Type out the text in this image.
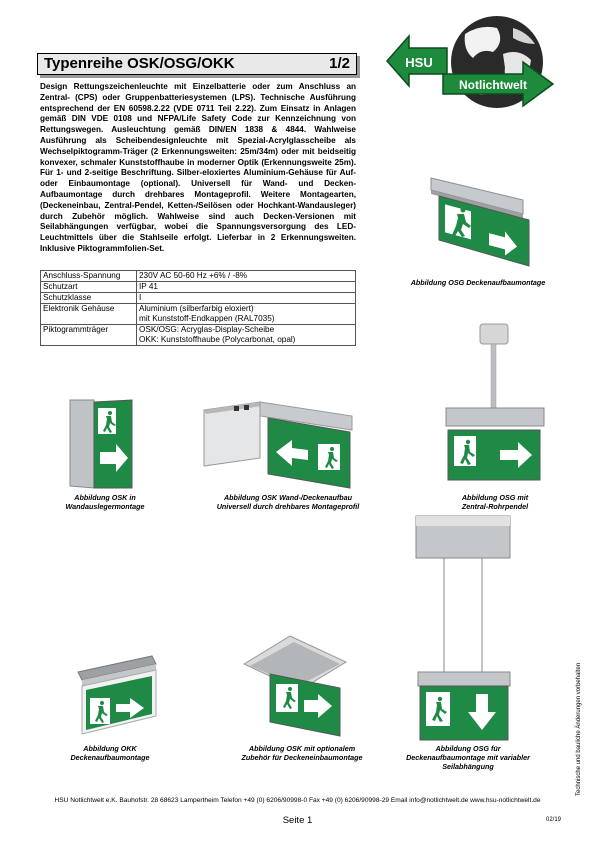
Typenreihe OSK/OSG/OKK	1/2	HSU
Notlichtwelt
Design Rettungszeichenleuchte mit Einzelbatterie oder zum Anschluss an Zentral- (CPS) oder Gruppenbatteriesystemen (LPS). Technische Ausführung entsprechend der EN 60598.2.22 (VDE 0711 Teil 2.22). Zum Einsatz in Anlagen gemäß DIN VDE 0108 und NFPA/Life Safety Code zur Kennzeichnung von Rettungswegen. Ausleuchtung gemäß DIN/EN 1838 & 4844. Wahlweise Ausführung als Scheibendesignleuchte mit Spezial-Acrylglasscheibe als Wechselpiktogramm-Träger (2 Erkennungsweiten: 25m/34m) oder mit beidseitig konvexer, schmaler Kunststoffhaube in moderner Optik (Erkennungsweite 25m). Für 1- und 2-seitige Beschriftung. Silber-eloxiertes Aluminium-Gehäuse für Auf- oder Einbaumontage (optional). Universell für Wand- und Decken-Aufbaumontage durch drehbares Montageprofil. Weitere Montagearten, (Deckeneinbau, Zentral-Pendel, Ketten-/Seilösen oder Hochkant-Wandausleger) durch Zubehör möglich. Wahlweise sind auch Decken-Versionen mit Seilabhängungen verfügbar, wobei die Spannungsversorgung des LED-Leuchtmittels über die Stahlseile erfolgt. Lieferbar in 2 Erkennungsweiten. Inklusive Piktogrammfolien-Set.
Anschluss-Spannung	230V AC 50-60 Hz +6% / -8%

Schutzart	IP 41

Schutzklasse	I

Elektronik Gehäuse	Aluminium (silberfarbig eloxiert)
mit Kunststoff-Endkappen (RAL7035)

Piktogrammträger	OSK/OSG: Acryglas-Display-Scheibe
OKK: Kunststoffhaube (Polycarbonat, opal)
Abbildung OSG Deckenaufbaumontage
Abbildung OSK in
Wandauslegermontage
Abbildung OSK Wand-/Deckenaufbau
Universell durch drehbares Montageprofil
Abbildung OSG mit
Zentral-Rohrpendel
Abbildung OKK
Deckenaufbaumontage
Abbildung OSK mit optionalem
Zubehör für Deckeneinbaumontage
Abbildung OSG für
Deckenaufbaumontage mit variabler
Seilabhängung	Technische und bauliche Änderungen vorbehalten
HSU Notlichtwelt e.K. Bauhofstr. 28 68623 Lampertheim Telefon +49 (0) 6206/90998-0 Fax +49 (0) 6206/90998-29 Email info@notlichtwelt.de www.hsu-notlichtwelt.de
Seite 1	02/19
